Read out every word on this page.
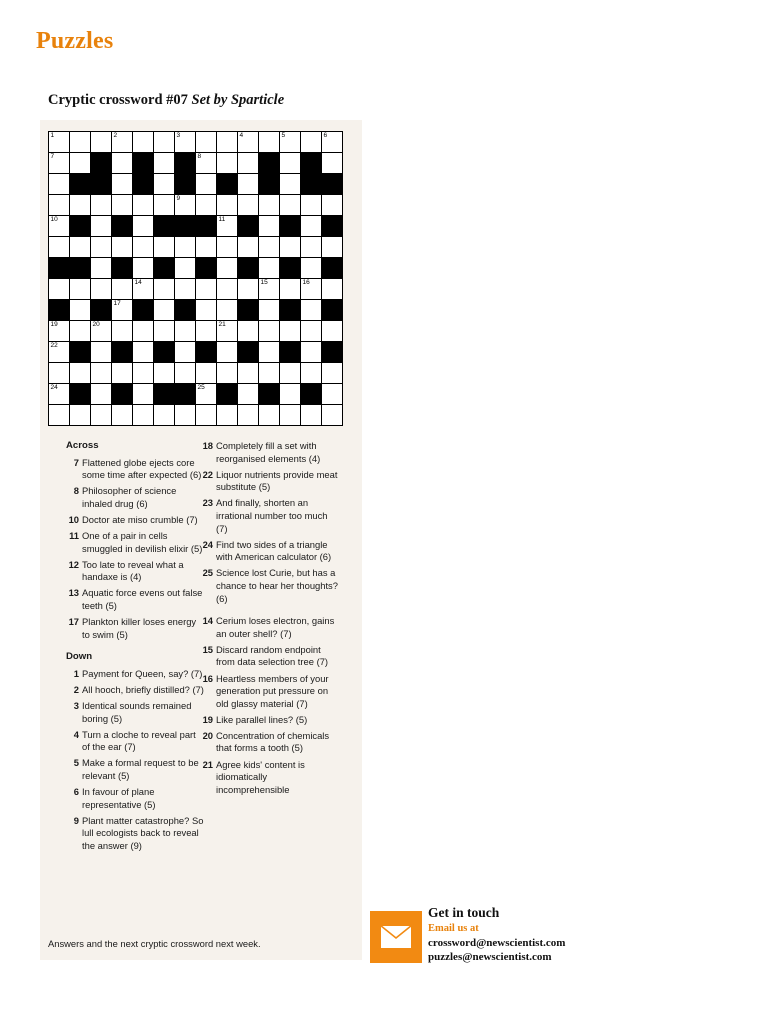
Puzzles
Cryptic crossword #07 Set by Sparticle
1			2			3			4		5		6

7							8						

						9							

10								11					

				14						15		16	

			17										

19		20						21					

22													

24							25						

Across
7 Flattened globe ejects core some time after expected (6)
8 Philosopher of science inhaled drug (6)
10 Doctor ate miso crumble (7)
11 One of a pair in cells smuggled in devilish elixir (5)
12 Too late to reveal what a handaxe is (4)
13 Aquatic force evens out false teeth (5)
17 Plankton killer loses energy to swim (5)
Down
1 Payment for Queen, say? (7)
2 All hooch, briefly distilled? (7)
3 Identical sounds remained boring (5)
4 Turn a cloche to reveal part of the ear (7)
5 Make a formal request to be relevant (5)
6 In favour of plane representative (5)
9 Plant matter catastrophe? So lull ecologists back to reveal the answer (9)
18 Completely fill a set with reorganised elements (4)
22 Liquor nutrients provide meat substitute (5)
23 And finally, shorten an irrational number too much (7)
24 Find two sides of a triangle with American calculator (6)
25 Science lost Curie, but has a chance to hear her thoughts? (6)
14 Cerium loses electron, gains an outer shell? (7)
15 Discard random endpoint from data selection tree (7)
16 Heartless members of your generation put pressure on old glassy material (7)
19 Like parallel lines? (5)
20 Concentration of chemicals that forms a tooth (5)
21 Agree kids' content is idiomatically incomprehensible
Answers and the next cryptic crossword next week.
Get in touch
Email us at
crossword@newscientist.com
puzzles@newscientist.com
